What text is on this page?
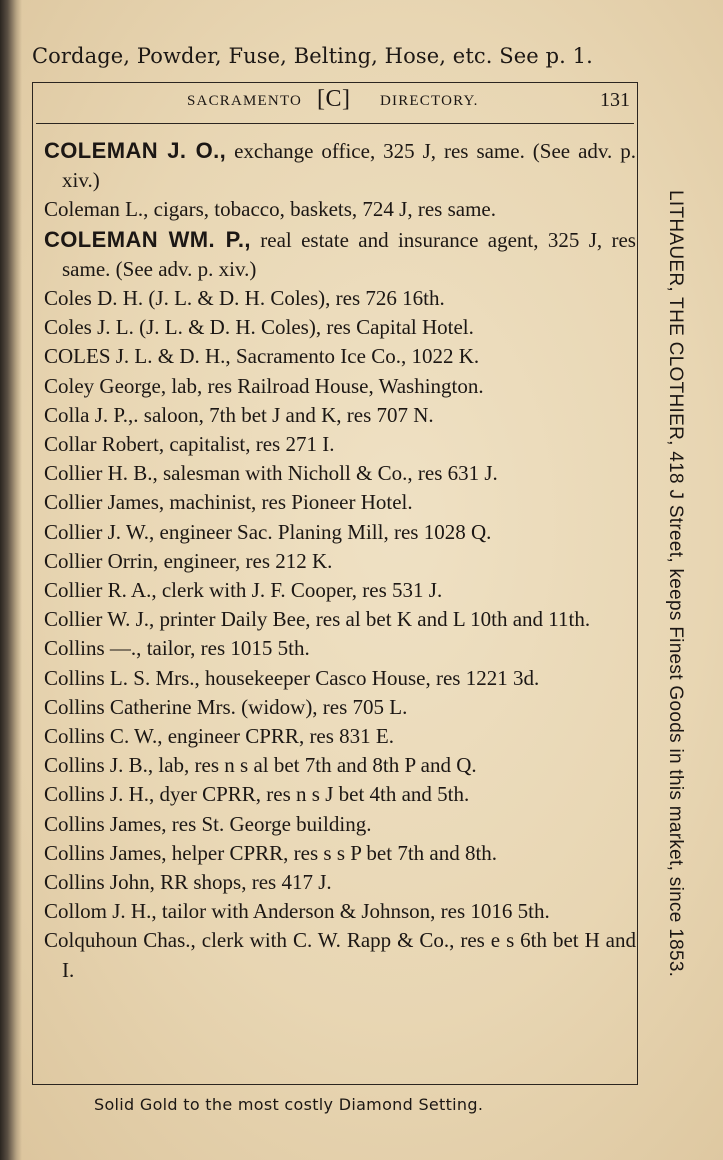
Cordage, Powder, Fuse, Belting, Hose, etc. See p. 1.
SACRAMENTO [C] DIRECTORY.	131
COLEMAN J. O., exchange office, 325 J, res same. (See adv. p. xiv.)
Coleman L., cigars, tobacco, baskets, 724 J, res same.
COLEMAN WM. P., real estate and insurance agent, 325 J, res same. (See adv. p. xiv.)
Coles D. H. (J. L. & D. H. Coles), res 726 16th.
Coles J. L. (J. L. & D. H. Coles), res Capital Hotel.
COLES J. L. & D. H., Sacramento Ice Co., 1022 K.
Coley George, lab, res Railroad House, Washington.
Colla J. P.,. saloon, 7th bet J and K, res 707 N.
Collar Robert, capitalist, res 271 I.
Collier H. B., salesman with Nicholl & Co., res 631 J.
Collier James, machinist, res Pioneer Hotel.
Collier J. W., engineer Sac. Planing Mill, res 1028 Q.
Collier Orrin, engineer, res 212 K.
Collier R. A., clerk with J. F. Cooper, res 531 J.
Collier W. J., printer Daily Bee, res al bet K and L 10th and 11th.
Collins —., tailor, res 1015 5th.
Collins L. S. Mrs., housekeeper Casco House, res 1221 3d.
Collins Catherine Mrs. (widow), res 705 L.
Collins C. W., engineer CPRR, res 831 E.
Collins J. B., lab, res n s al bet 7th and 8th P and Q.
Collins J. H., dyer CPRR, res n s J bet 4th and 5th.
Collins James, res St. George building.
Collins James, helper CPRR, res s s P bet 7th and 8th.
Collins John, RR shops, res 417 J.
Collom J. H., tailor with Anderson & Johnson, res 1016 5th.
Colquhoun Chas., clerk with C. W. Rapp & Co., res e s 6th bet H and I.	LITHAUER, THE CLOTHIER, 418 J Street, keeps Finest Goods in this market, since 1853.
Solid Gold to the most costly Diamond Setting.
